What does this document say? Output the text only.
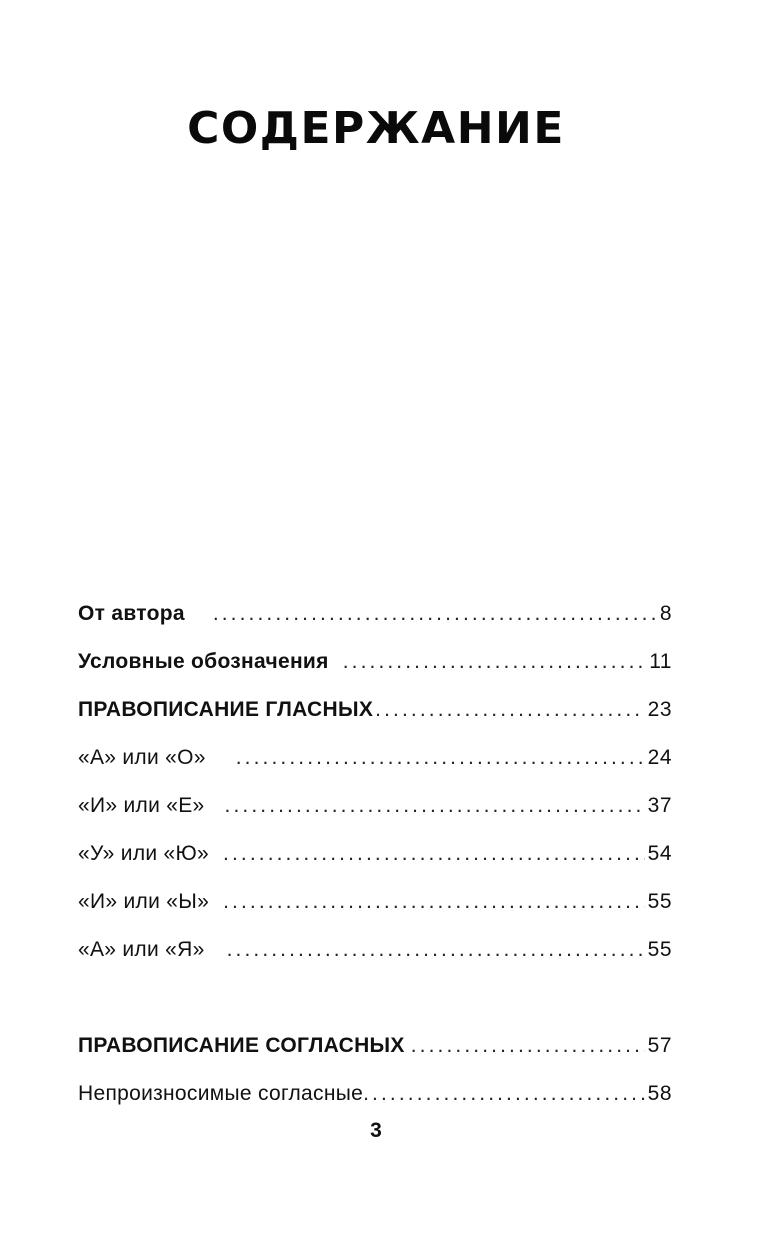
СОДЕРЖАНИЕ
От автора .....	8
Условные обозначения .....	11
ПРАВОПИСАНИЕ ГЛАСНЫХ .....	23
«А» или «О» .....	24
«И» или «Е» .....	37
«У» или «Ю» .....	54
«И» или «Ы» .....	55
«А» или «Я» .....	55
ПРАВОПИСАНИЕ СОГЛАСНЫХ .....	57
Непроизносимые согласные .....	58
3
